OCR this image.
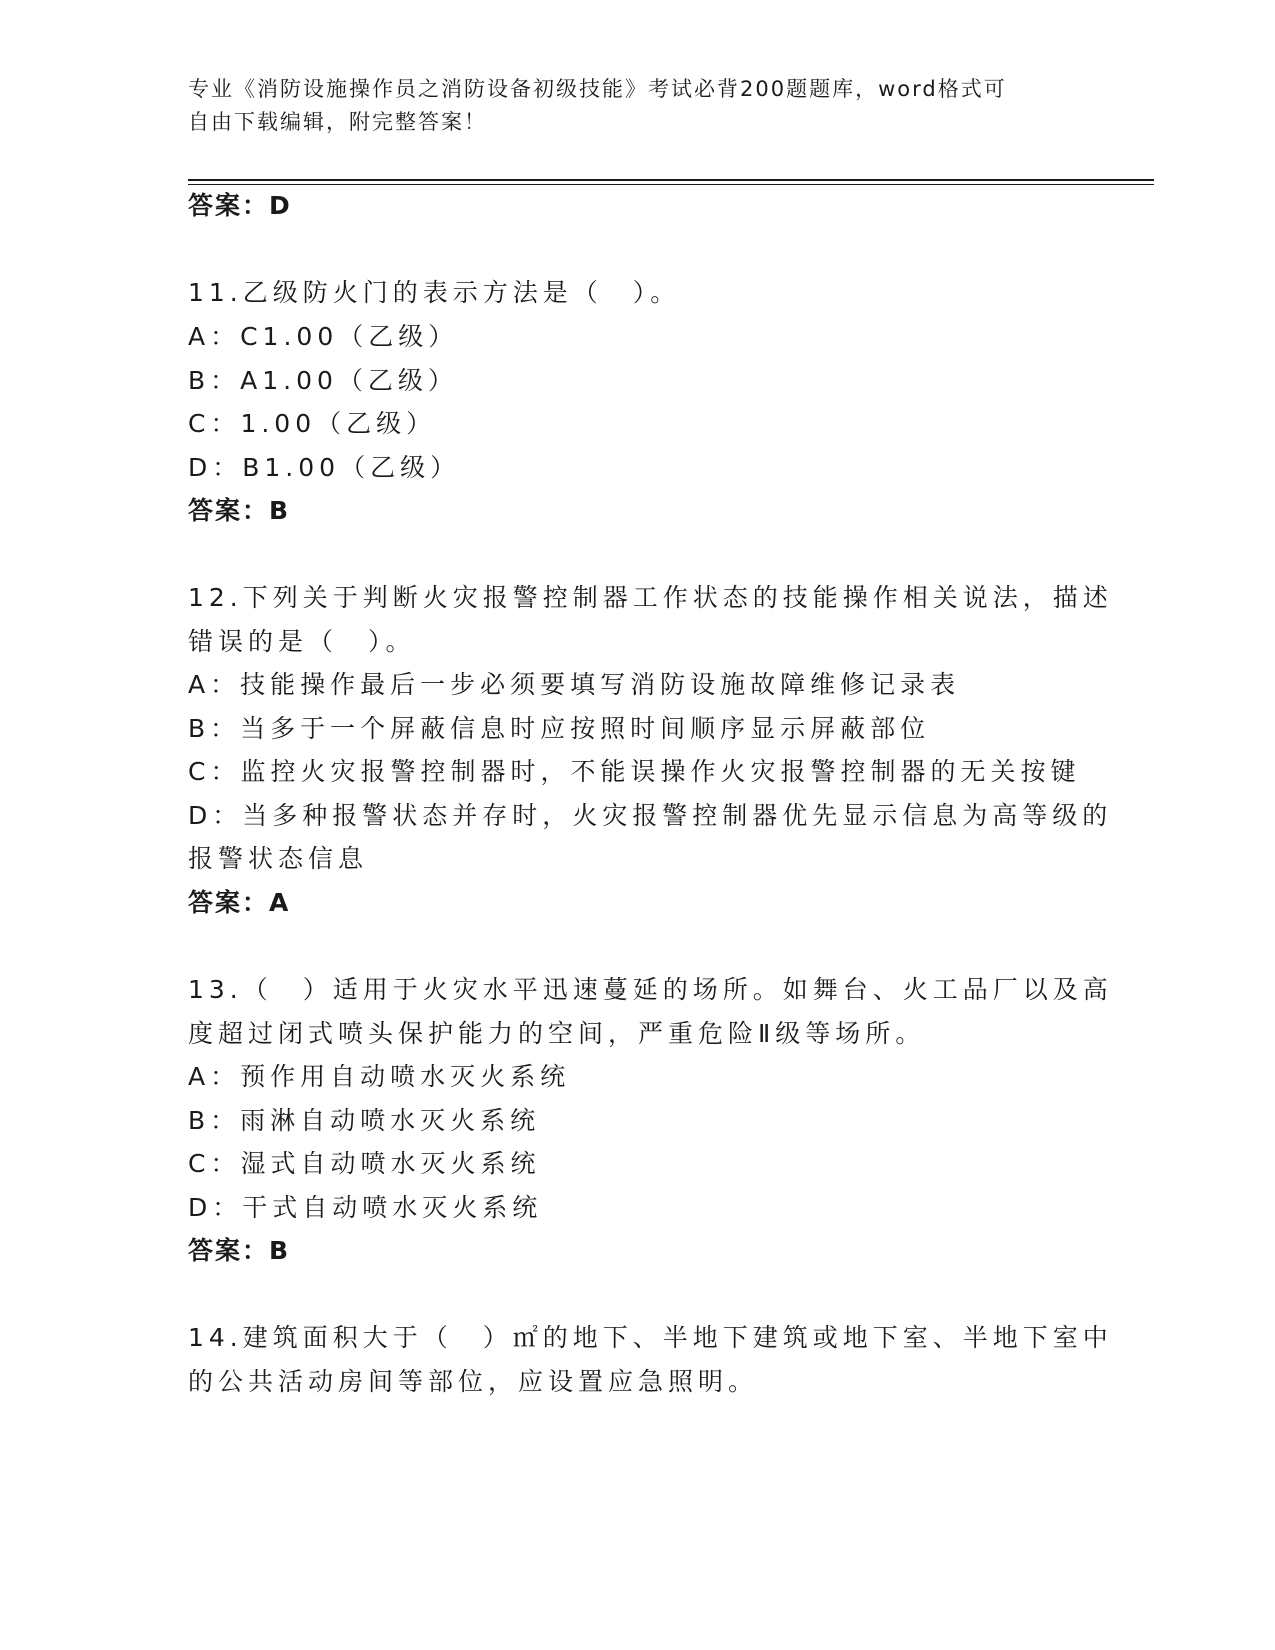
专业《消防设施操作员之消防设备初级技能》考试必背200题题库，word格式可
自由下载编辑，附完整答案！
答案：D
11.乙级防火门的表示方法是（　）。
A：C1.00（乙级）
B：A1.00（乙级）
C：1.00（乙级）
D：B1.00（乙级）
答案：B
12.下列关于判断火灾报警控制器工作状态的技能操作相关说法，描述
错误的是（　）。
A：技能操作最后一步必须要填写消防设施故障维修记录表
B：当多于一个屏蔽信息时应按照时间顺序显示屏蔽部位
C：监控火灾报警控制器时，不能误操作火灾报警控制器的无关按键
D：当多种报警状态并存时，火灾报警控制器优先显示信息为高等级的
报警状态信息
答案：A
13.（　）适用于火灾水平迅速蔓延的场所。如舞台、火工品厂以及高
度超过闭式喷头保护能力的空间，严重危险Ⅱ级等场所。
A：预作用自动喷水灭火系统
B：雨淋自动喷水灭火系统
C：湿式自动喷水灭火系统
D：干式自动喷水灭火系统
答案：B
14.建筑面积大于（　）㎡的地下、半地下建筑或地下室、半地下室中
的公共活动房间等部位，应设置应急照明。
